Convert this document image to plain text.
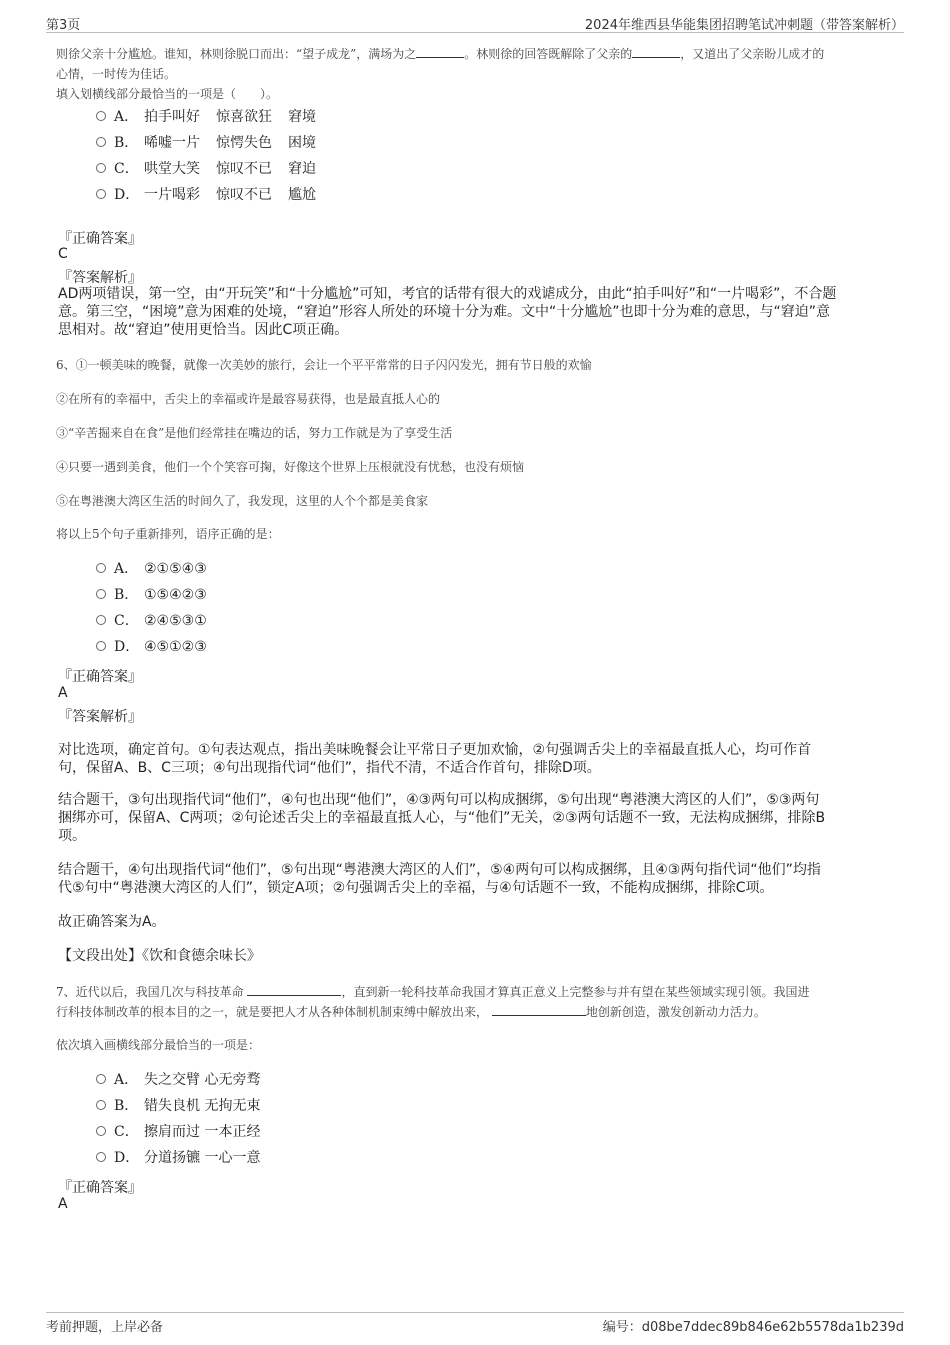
第3页	2024年维西县华能集团招聘笔试冲刺题（带答案解析）
则徐父亲十分尴尬。谁知，林则徐脱口而出：“望子成龙”，满场为之	。林则徐的回答既解除了父亲的	，又道出了父亲盼儿成才的
心情，一时传为佳话。
填入划横线部分最恰当的一项是（　　）。
A． 拍手叫好 惊喜欲狂 窘境
B． 唏嘘一片 惊愕失色 困境
C． 哄堂大笑 惊叹不已 窘迫
D． 一片喝彩 惊叹不已 尴尬
『正确答案』
C
『答案解析』
AD两项错误，第一空，由“开玩笑”和“十分尴尬”可知，考官的话带有很大的戏谑成分，由此“拍手叫好”和“一片喝彩”，不合题
意。第三空，“困境”意为困难的处境，“窘迫”形容人所处的环境十分为难。文中“十分尴尬”也即十分为难的意思，与“窘迫”意
思相对。故“窘迫”使用更恰当。因此C项正确。
6、①一顿美味的晚餐，就像一次美妙的旅行，会让一个平平常常的日子闪闪发光，拥有节日般的欢愉
②在所有的幸福中，舌尖上的幸福或许是最容易获得，也是最直抵人心的
③“辛苦掘来自在食”是他们经常挂在嘴边的话，努力工作就是为了享受生活
④只要一遇到美食，他们一个个笑容可掬，好像这个世界上压根就没有忧愁，也没有烦恼
⑤在粤港澳大湾区生活的时间久了，我发现，这里的人个个都是美食家
将以上5个句子重新排列，语序正确的是：
A． ②①⑤④③
B． ①⑤④②③
C． ②④⑤③①
D． ④⑤①②③
『正确答案』
A
『答案解析』
对比选项，确定首句。①句表达观点，指出美味晚餐会让平常日子更加欢愉，②句强调舌尖上的幸福最直抵人心，均可作首
句，保留A、B、C三项；④句出现指代词“他们”，指代不清，不适合作首句，排除D项。
结合题干，③句出现指代词“他们”，④句也出现“他们”，④③两句可以构成捆绑，⑤句出现“粤港澳大湾区的人们”，⑤③两句
捆绑亦可，保留A、C两项；②句论述舌尖上的幸福最直抵人心，与“他们”无关，②③两句话题不一致，无法构成捆绑，排除B
项。
结合题干，④句出现指代词“他们”，⑤句出现“粤港澳大湾区的人们”，⑤④两句可以构成捆绑，且④③两句指代词“他们”均指
代⑤句中“粤港澳大湾区的人们”，锁定A项；②句强调舌尖上的幸福，与④句话题不一致，不能构成捆绑，排除C项。
故正确答案为A。
【文段出处】《饮和食德余味长》
7、近代以后，我国几次与科技革命	，直到新一轮科技革命我国才算真正意义上完整参与并有望在某些领域实现引领。我国进
行科技体制改革的根本目的之一，就是要把人才从各种体制机制束缚中解放出来，	地创新创造，激发创新动力活力。
依次填入画横线部分最恰当的一项是：
A． 失之交臂 心无旁骛
B． 错失良机 无拘无束
C． 擦肩而过 一本正经
D． 分道扬镳 一心一意
『正确答案』
A
考前押题，上岸必备	编号：d08be7ddec89b846e62b5578da1b239d
